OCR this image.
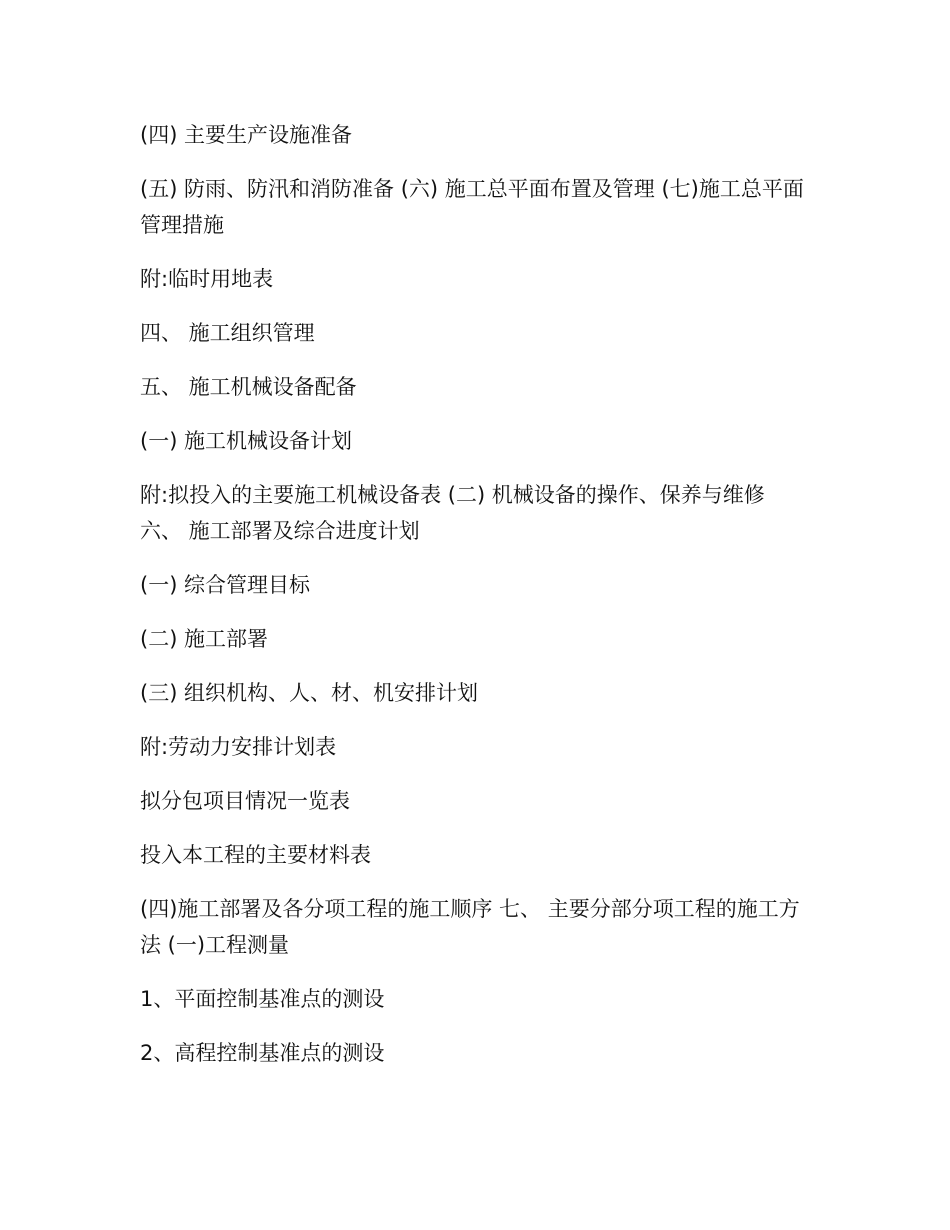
(四) 主要生产设施准备

(五) 防雨、防汛和消防准备 (六) 施工总平面布置及管理 (七)施工总平面管理措施

附:临时用地表

四、 施工组织管理

五、 施工机械设备配备

(一) 施工机械设备计划

附:拟投入的主要施工机械设备表 (二) 机械设备的操作、保养与维修 六、 施工部署及综合进度计划

(一) 综合管理目标

(二) 施工部署

(三) 组织机构、人、材、机安排计划

附:劳动力安排计划表

拟分包项目情况一览表

投入本工程的主要材料表

(四)施工部署及各分项工程的施工顺序 七、 主要分部分项工程的施工方法 (一)工程测量

1、平面控制基准点的测设

2、高程控制基准点的测设
